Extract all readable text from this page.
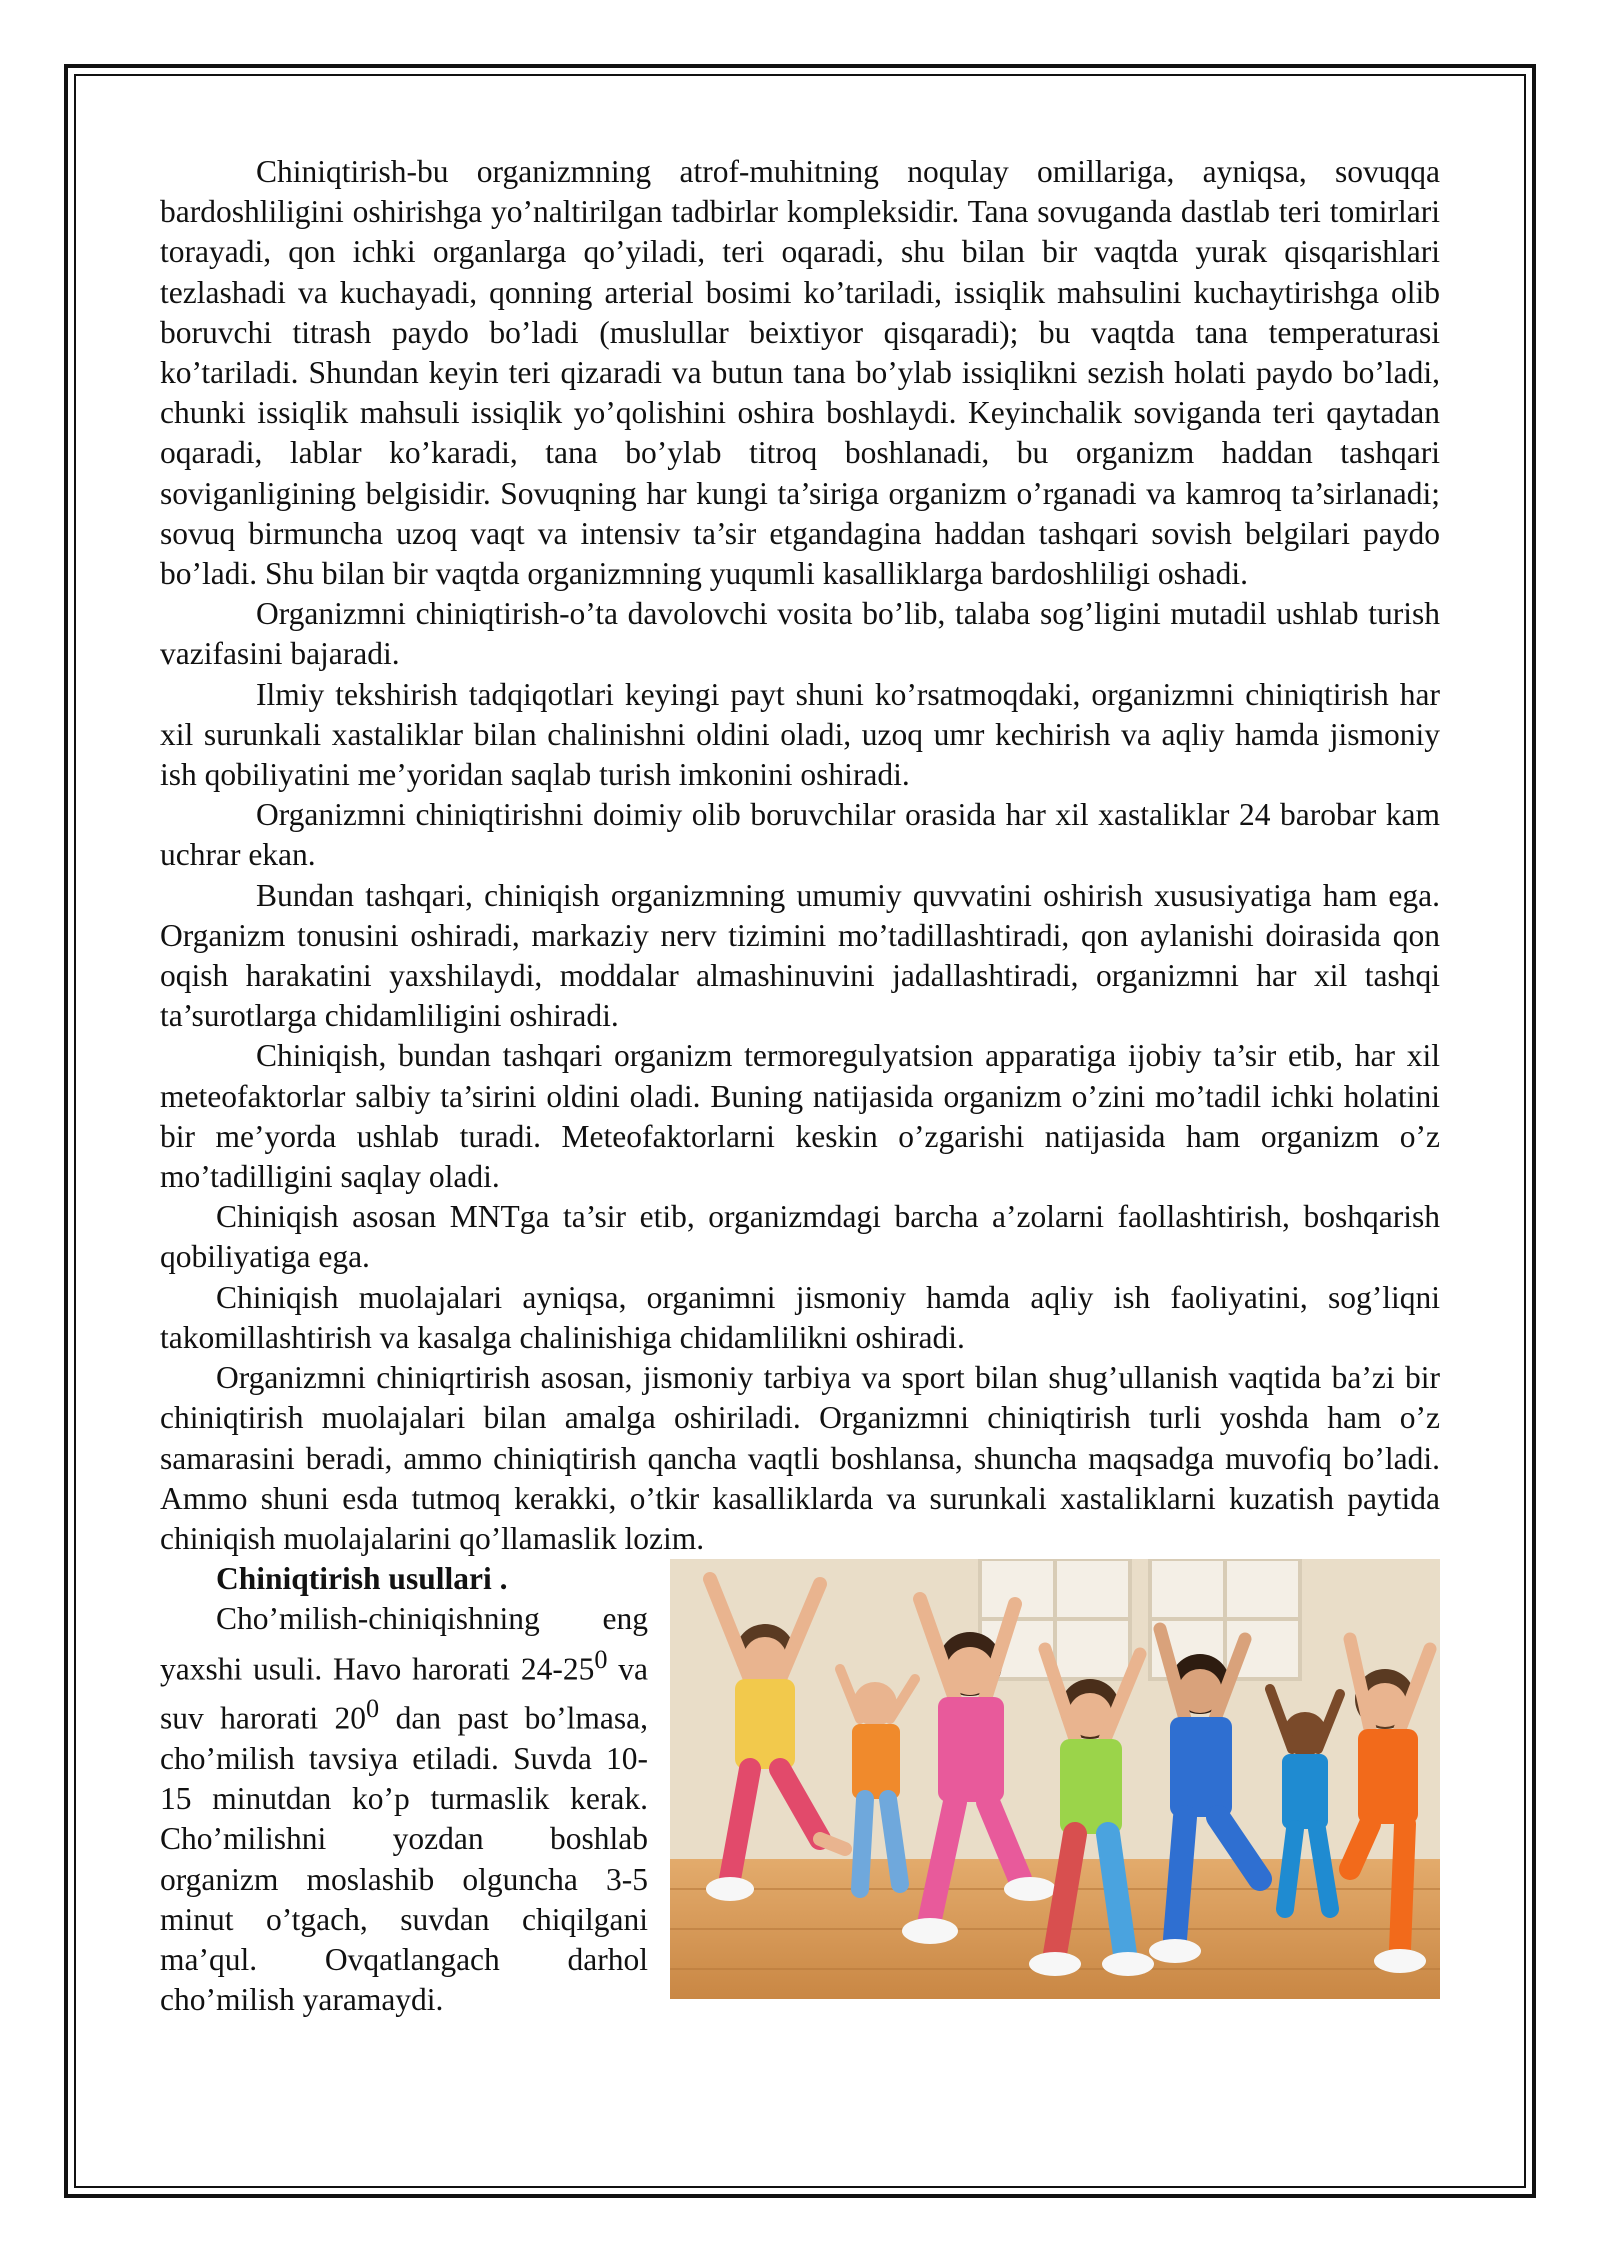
Chiniqtirish-bu organizmning atrof-muhitning noqulay omillariga, ayniqsa, sovuqqa bardoshliligini oshirishga yo’naltirilgan tadbirlar kompleksidir. Tana sovuganda dastlab teri tomirlari torayadi, qon ichki organlarga qo’yiladi, teri oqaradi, shu bilan bir vaqtda yurak qisqarishlari tezlashadi va kuchayadi, qonning arterial bosimi ko’tariladi, issiqlik mahsulini kuchaytirishga olib boruvchi titrash paydo bo’ladi (muslullar beixtiyor qisqaradi); bu vaqtda tana temperaturasi ko’tariladi. Shundan keyin teri qizaradi va butun tana bo’ylab issiqlikni sezish holati paydo bo’ladi, chunki issiqlik mahsuli issiqlik yo’qolishini oshira boshlaydi. Keyinchalik soviganda teri qaytadan oqaradi, lablar ko’karadi, tana bo’ylab titroq boshlanadi, bu organizm haddan tashqari soviganligining belgisidir. Sovuqning har kungi ta’siriga organizm o’rganadi va kamroq ta’sirlanadi; sovuq birmuncha uzoq vaqt va intensiv ta’sir etgandagina haddan tashqari sovish belgilari paydo bo’ladi. Shu bilan bir vaqtda organizmning yuqumli kasalliklarga bardoshliligi oshadi.

Organizmni chiniqtirish-o’ta davolovchi vosita bo’lib, talaba sog’ligini mutadil ushlab turish vazifasini bajaradi.

Ilmiy tekshirish tadqiqotlari keyingi payt shuni ko’rsatmoqdaki, organizmni chiniqtirish har xil surunkali xastaliklar bilan chalinishni oldini oladi, uzoq umr kechirish va aqliy hamda jismoniy ish qobiliyatini me’yoridan saqlab turish imkonini oshiradi.

Organizmni chiniqtirishni doimiy olib boruvchilar orasida har xil xastaliklar 24 barobar kam uchrar ekan.

Bundan tashqari, chiniqish organizmning umumiy quvvatini oshirish xususiyatiga ham ega. Organizm tonusini oshiradi, markaziy nerv tizimini mo’tadillashtiradi, qon aylanishi doirasida qon oqish harakatini yaxshilaydi, moddalar almashinuvini jadallashtiradi, organizmni har xil tashqi ta’surotlarga chidamliligini oshiradi.

Chiniqish, bundan tashqari organizm termoregulyatsion apparatiga ijobiy ta’sir etib, har xil meteofaktorlar salbiy ta’sirini oldini oladi. Buning natijasida organizm o’zini mo’tadil ichki holatini bir me’yorda ushlab turadi. Meteofaktorlarni keskin o’zgarishi natijasida ham organizm o’z mo’tadilligini saqlay oladi.

Chiniqish asosan MNTga ta’sir etib, organizmdagi barcha a’zolarni faollashtirish, boshqarish qobiliyatiga ega.

Chiniqish muolajalari ayniqsa, organimni jismoniy hamda aqliy ish faoliyatini, sog’liqni takomillashtirish va kasalga chalinishiga chidamlilikni oshiradi.

Organizmni chiniqrtirish asosan, jismoniy tarbiya va sport bilan shug’ullanish vaqtida ba’zi bir chiniqtirish muolajalari bilan amalga oshiriladi. Organizmni chiniqtirish turli yoshda ham o’z samarasini beradi, ammo chiniqtirish qancha vaqtli boshlansa, shuncha maqsadga muvofiq bo’ladi. Ammo shuni esda tutmoq kerakki, o’tkir kasalliklarda va surunkali xastaliklarni kuzatish paytida chiniqish muolajalarini qo’llamaslik lozim.

Chiniqtirish usullari .

Cho’milish-chiniqishning eng yaxshi usuli. Havo harorati $24-25^0$ va suv harorati $20^0$ dan past bo’lmasa, cho’milish tavsiya etiladi. Suvda 10-15 minutdan ko’p turmaslik kerak. Cho’milishni yozdan boshlab organizm moslashib olguncha 3-5 minut o’tgach, suvdan chiqilgani ma’qul. Ovqatlangach darhol cho’milish yaramaydi.
